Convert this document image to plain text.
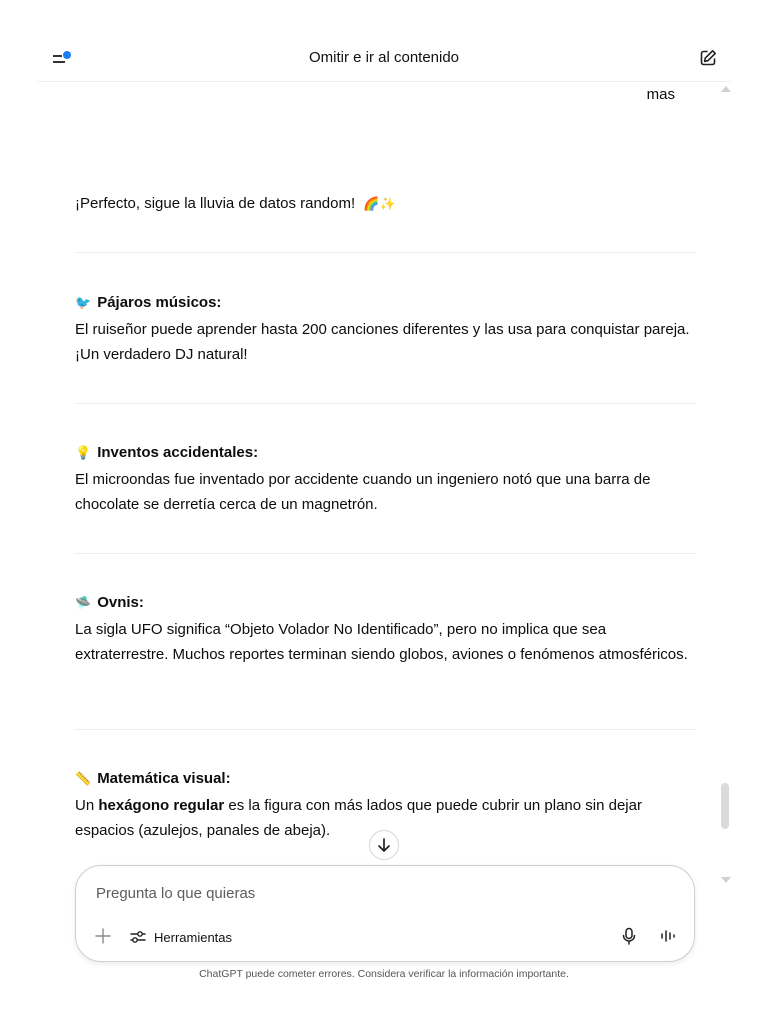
Omitir e ir al contenido
mas
¡Perfecto, sigue la lluvia de datos random! 🌈✨
🐦 Pájaros músicos:
El ruiseñor puede aprender hasta 200 canciones diferentes y las usa para conquistar pareja. ¡Un verdadero DJ natural!
💡 Inventos accidentales:
El microondas fue inventado por accidente cuando un ingeniero notó que una barra de chocolate se derretía cerca de un magnetrón.
🛸 Ovnis:
La sigla UFO significa “Objeto Volador No Identificado”, pero no implica que sea extraterrestre. Muchos reportes terminan siendo globos, aviones o fenómenos atmosféricos.
📏 Matemática visual:
Un hexágono regular es la figura con más lados que puede cubrir un plano sin dejar espacios (azulejos, panales de abeja).
Pregunta lo que quieras
Herramientas
ChatGPT puede cometer errores. Considera verificar la información importante.
